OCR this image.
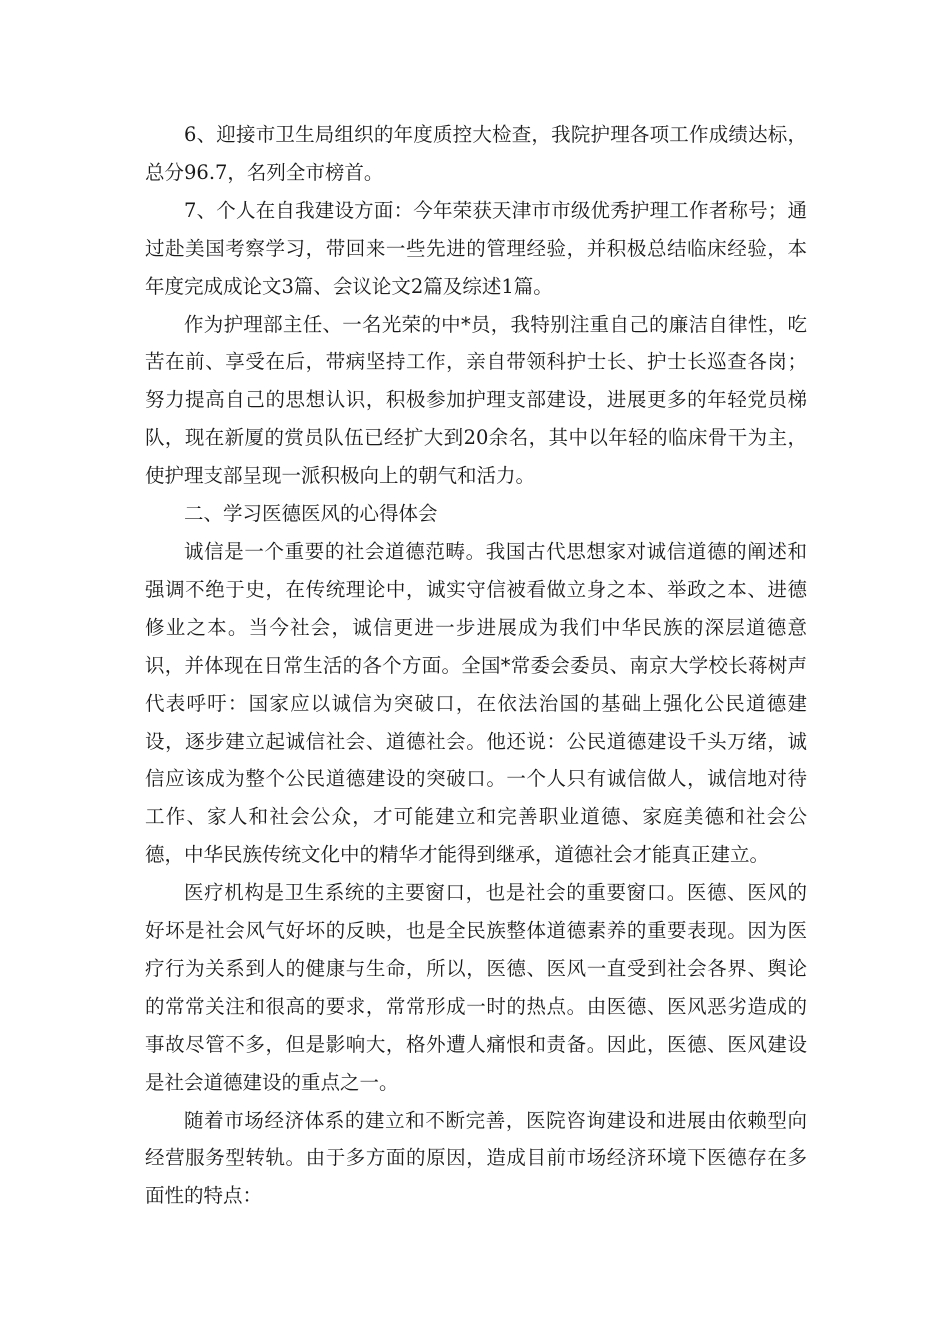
6、迎接市卫生局组织的年度质控大检查，我院护理各项工作成绩达标，总分96.7，名列全市榜首。

7、个人在自我建设方面：今年荣获天津市市级优秀护理工作者称号；通过赴美国考察学习，带回来一些先进的管理经验，并积极总结临床经验，本年度完成成论文3篇、会议论文2篇及综述1篇。

作为护理部主任、一名光荣的中*员，我特别注重自己的廉洁自律性，吃苦在前、享受在后，带病坚持工作，亲自带领科护士长、护士长巡查各岗；努力提高自己的思想认识，积极参加护理支部建设，进展更多的年轻党员梯队，现在新厦的赏员队伍已经扩大到20余名，其中以年轻的临床骨干为主，使护理支部呈现一派积极向上的朝气和活力。

二、学习医德医风的心得体会

诚信是一个重要的社会道德范畴。我国古代思想家对诚信道德的阐述和强调不绝于史，在传统理论中，诚实守信被看做立身之本、举政之本、进德修业之本。当今社会，诚信更进一步进展成为我们中华民族的深层道德意识，并体现在日常生活的各个方面。全国*常委会委员、南京大学校长蒋树声代表呼吁：国家应以诚信为突破口，在依法治国的基础上强化公民道德建设，逐步建立起诚信社会、道德社会。他还说：公民道德建设千头万绪，诚信应该成为整个公民道德建设的突破口。一个人只有诚信做人，诚信地对待工作、家人和社会公众，才可能建立和完善职业道德、家庭美德和社会公德，中华民族传统文化中的精华才能得到继承，道德社会才能真正建立。

医疗机构是卫生系统的主要窗口，也是社会的重要窗口。医德、医风的好坏是社会风气好坏的反映，也是全民族整体道德素养的重要表现。因为医疗行为关系到人的健康与生命，所以，医德、医风一直受到社会各界、舆论的常常关注和很高的要求，常常形成一时的热点。由医德、医风恶劣造成的事故尽管不多，但是影响大，格外遭人痛恨和责备。因此，医德、医风建设是社会道德建设的重点之一。

随着市场经济体系的建立和不断完善，医院咨询建设和进展由依赖型向经营服务型转轨。由于多方面的原因，造成目前市场经济环境下医德存在多面性的特点：
